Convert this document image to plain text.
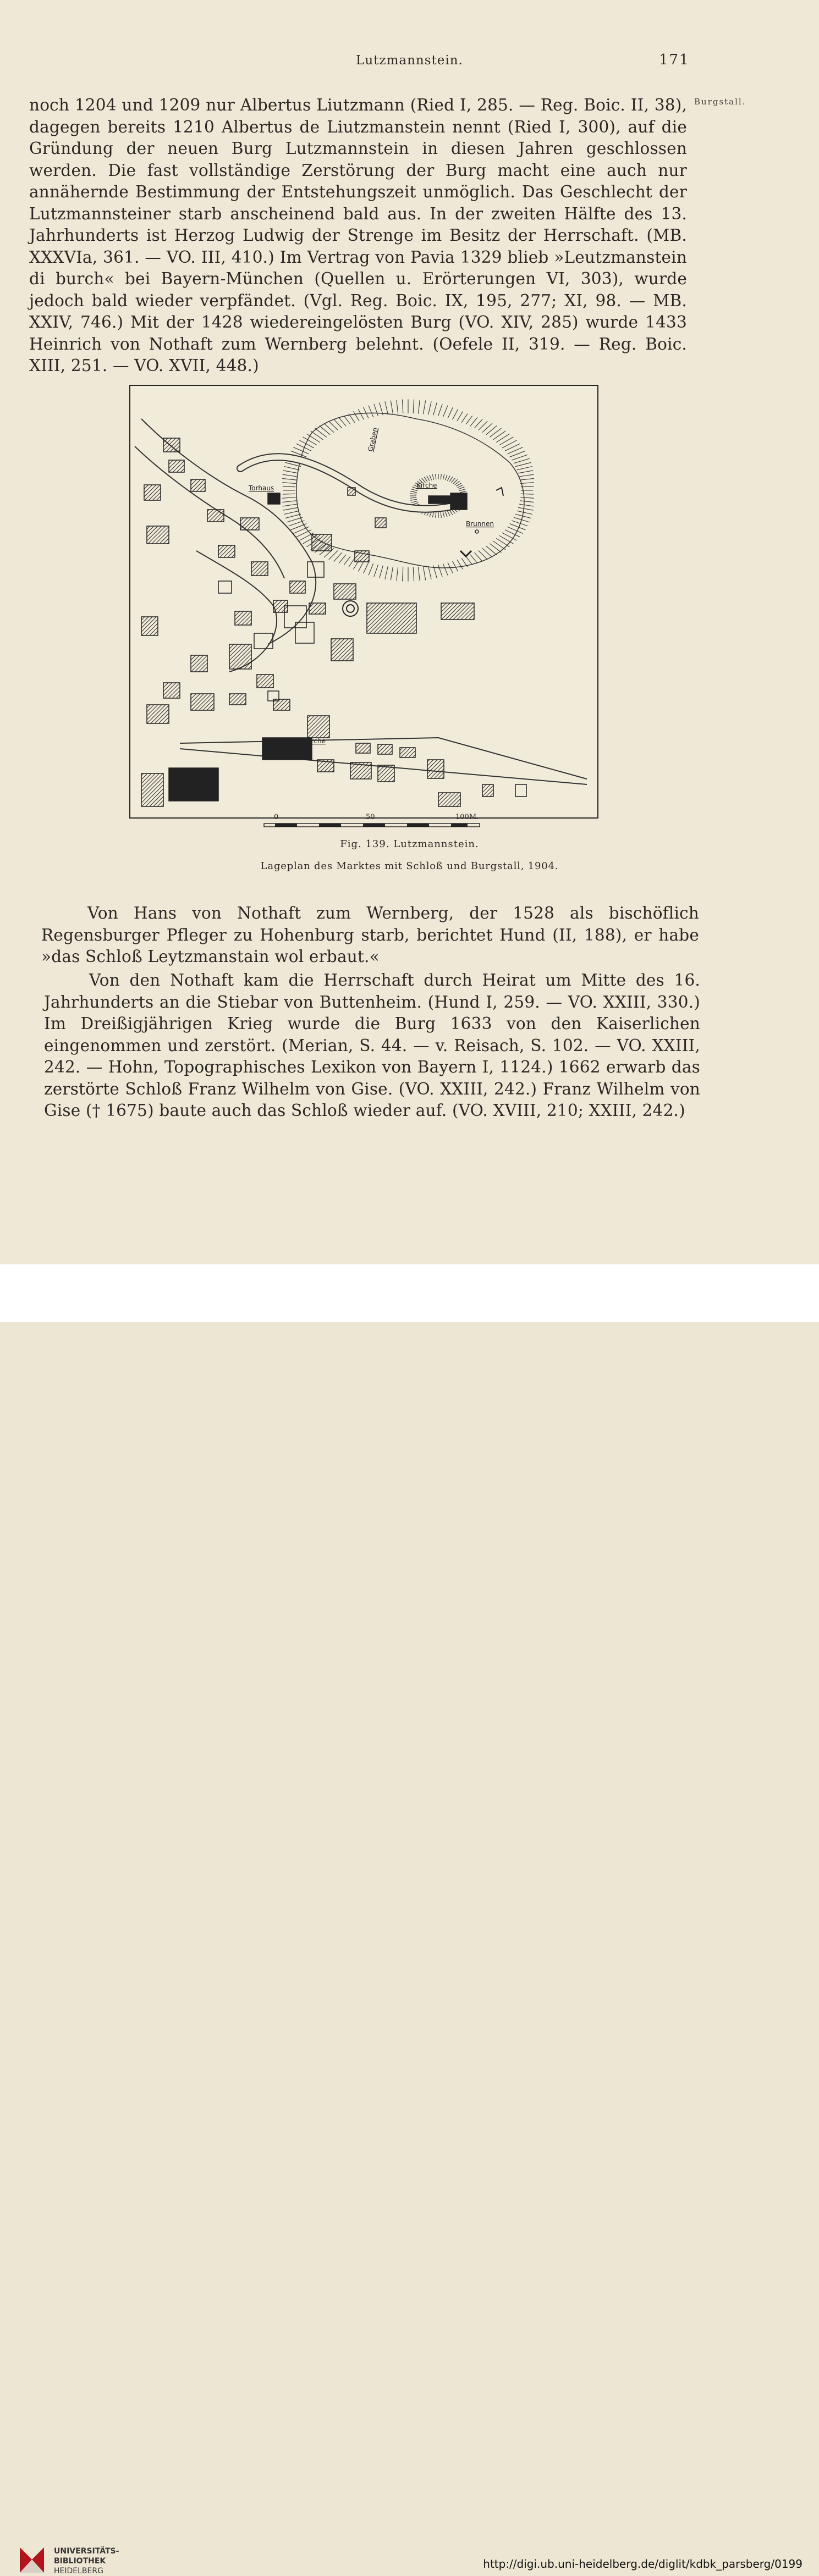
Lutzmannstein.	171
Burgstall.

noch 1204 und 1209 nur Albertus Liutzmann (Ried I, 285. — Reg. Boic. II, 38), dagegen bereits 1210 Albertus de Liutzmanstein nennt (Ried I, 300), auf die Gründung der neuen Burg Lutzmannstein in diesen Jahren geschlossen werden. Die fast vollständige Zerstörung der Burg macht eine auch nur annähernde Bestimmung der Entstehungszeit unmöglich. Das Geschlecht der Lutzmannsteiner starb anscheinend bald aus. In der zweiten Hälfte des 13. Jahrhunderts ist Herzog Ludwig der Strenge im Besitz der Herrschaft. (MB. XXXVIa, 361. — VO. III, 410.) Im Vertrag von Pavia 1329 blieb »Leutzmanstein di burch« bei Bayern-München (Quellen u. Erörterungen VI, 303), wurde jedoch bald wieder verpfändet. (Vgl. Reg. Boic. IX, 195, 277; XI, 98. — MB. XXIV, 746.) Mit der 1428 wiedereingelösten Burg (VO. XIV, 285) wurde 1433 Heinrich von Nothaft zum Wernberg belehnt. (Oefele II, 319. — Reg. Boic. XIII, 251. — VO. XVII, 448.)

Torhaus
Graben
Kirche
Brunnen
Pfarrkirche
Schloss
0	50	100M.
Fig. 139. Lutzmannstein.
Lageplan des Marktes mit Schloß und Burgstall, 1904.

Von Hans von Nothaft zum Wernberg, der 1528 als bischöflich Regensburger Pfleger zu Hohenburg starb, berichtet Hund (II, 188), er habe »das Schloß Leytzmanstain wol erbaut.«

Von den Nothaft kam die Herrschaft durch Heirat um Mitte des 16. Jahrhunderts an die Stiebar von Buttenheim. (Hund I, 259. — VO. XXIII, 330.) Im Dreißigjährigen Krieg wurde die Burg 1633 von den Kaiserlichen eingenommen und zerstört. (Merian, S. 44. — v. Reisach, S. 102. — VO. XXIII, 242. — Hohn, Topographisches Lexikon von Bayern I, 1124.) 1662 erwarb das zerstörte Schloß Franz Wilhelm von Gise. (VO. XXIII, 242.) Franz Wilhelm von Gise († 1675) baute auch das Schloß wieder auf. (VO. XVIII, 210; XXIII, 242.)

UNIVERSITÄTS-
BIBLIOTHEK
HEIDELBERG
http://digi.ub.uni-heidelberg.de/diglit/kdbk_parsberg/0199
